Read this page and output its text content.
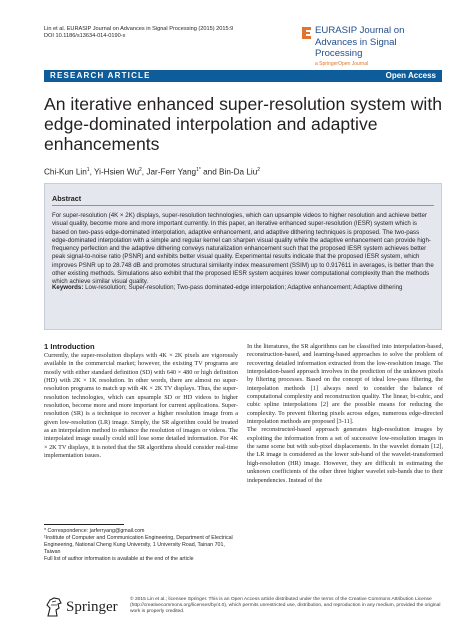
Lin et al. EURASIP Journal on Advances in Signal Processing (2015) 2015:9
DOI 10.1186/s13634-014-0190-x
EURASIP Journal on
Advances in Signal Processing
a SpringerOpen Journal
RESEARCH ARTICLE	Open Access
An iterative enhanced super-resolution system with edge-dominated interpolation and adaptive enhancements
Chi-Kun Lin$^1$, Yi-Hsien Wu$^2$, Jar-Ferr Yang$^{1*}$ and Bin-Da Liu$^2$
Abstract
For super-resolution (4K × 2K) displays, super-resolution technologies, which can upsample videos to higher resolution and achieve better visual quality, become more and more important currently. In this paper, an iterative enhanced super-resolution (IESR) system which is based on two-pass edge-dominated interpolation, adaptive enhancement, and adaptive dithering techniques is proposed. The two-pass edge-dominated interpolation with a simple and regular kernel can sharpen visual quality while the adaptive enhancement can provide high-frequency perfection and the adaptive dithering conveys naturalization enhancement such that the proposed IESR system achieves better peak signal-to-noise ratio (PSNR) and exhibits better visual quality. Experimental results indicate that the proposed IESR system, which improves PSNR up to 28.748 dB and promotes structural similarity index measurement (SSIM) up to 0.917611 in averages, is better than the other existing methods. Simulations also exhibit that the proposed IESR system acquires lower computational complexity than the methods which achieve similar visual quality.
Keywords: Low-resolution; Super-resolution; Two-pass dominated-edge interpolation; Adaptive enhancement; Adaptive dithering
1 Introduction
Currently, the super-resolution displays with 4K × 2K pixels are vigorously available in the commercial market; however, the existing TV programs are mostly with either standard definition (SD) with 640 × 480 or high definition (HD) with 2K × 1K resolution. In other words, there are almost no super-resolution programs to match up with 4K × 2K TV displays. Thus, the super-resolution technologies, which can upsample SD or HD videos to higher resolution, become more and more important for current applications. Super-resolution (SR) is a technique to recover a higher resolution image from a given low-resolution (LR) image. Simply, the SR algorithm could be treated as an interpolation method to enhance the resolution of images or videos. The interpolated image usually could still lose some detailed information. For 4K × 2K TV displays, it is noted that the SR algorithms should consider real-time implementation issues.
In the literatures, the SR algorithms can be classified into interpolation-based, reconstruction-based, and learning-based approaches to solve the problem of recovering detailed information extracted from the low-resolution image. The interpolation-based approach involves in the prediction of the unknown pixels by filtering processes. Based on the concept of ideal low-pass filtering, the interpolation methods [1] always need to consider the balance of computational complexity and reconstruction quality. The linear, bi-cubic, and cubic spline interpolations [2] are the possible means for reducing the complexity. To prevent filtering pixels across edges, numerous edge-directed interpolation methods are proposed [3-11].
The reconstructed-based approach generates high-resolution images by exploiting the information from a set of successive low-resolution images in the same scene but with sub-pixel displacements. In the wavelet domain [12], the LR image is considered as the lower sub-band of the wavelet-transformed high-resolution (HR) image. However, they are difficult in estimating the unknown coefficients of the other three higher wavelet sub-bands due to their independencies. Instead of the
* Correspondence: jarferryang@gmail.com
¹Institute of Computer and Communication Engineering, Department of Electrical Engineering, National Cheng Kung University, 1 University Road, Tainan 701, Taiwan
Full list of author information is available at the end of the article
Springer	© 2015 Lin et al.; licensee Springer. This is an Open Access article distributed under the terms of the Creative Commons Attribution License (http://creativecommons.org/licenses/by/4.0), which permits unrestricted use, distribution, and reproduction in any medium, provided the original work is properly credited.
